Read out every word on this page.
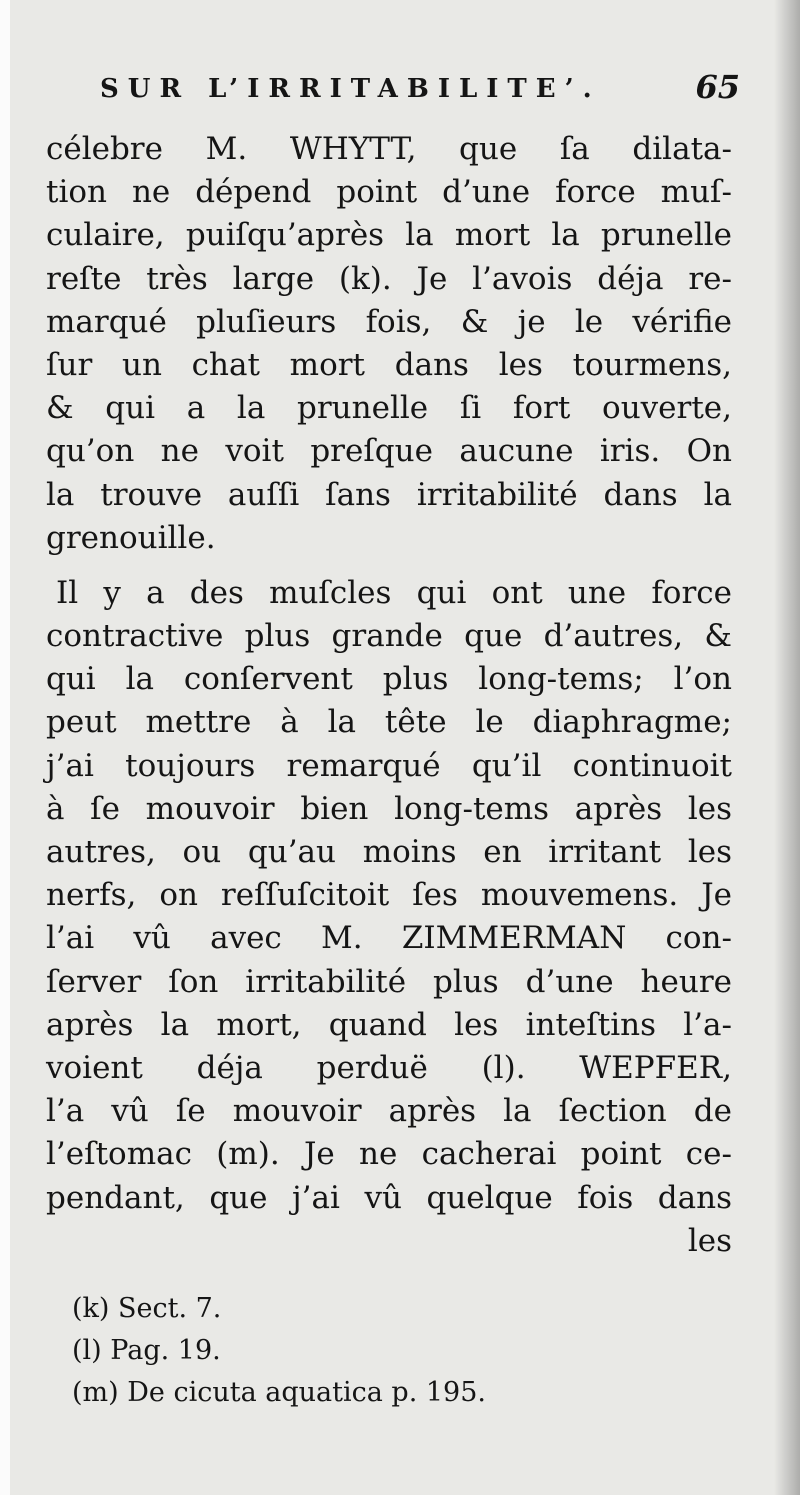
SUR L’IRRITABILITE’.	65
célebre M. WHYTT, que ſa dilata-
tion ne dépend point d’une force muſ-
culaire, puiſqu’après la mort la prunelle
reſte très large (k). Je l’avois déja re-
marqué pluſieurs fois, & je le vérifie
ſur un chat mort dans les tourmens,
& qui a la prunelle ſi fort ouverte,
qu’on ne voit preſque aucune iris. On
la trouve auſſi ſans irritabilité dans la
grenouille.
Il y a des muſcles qui ont une force
contractive plus grande que d’autres, &
qui la conſervent plus long-tems; l’on
peut mettre à la tête le diaphragme;
j’ai toujours remarqué qu’il continuoit
à ſe mouvoir bien long-tems après les
autres, ou qu’au moins en irritant les
nerfs, on reſſuſcitoit ſes mouvemens. Je
l’ai vû avec M. ZIMMERMAN con-
ſerver ſon irritabilité plus d’une heure
après la mort, quand les inteſtins l’a-
voient déja perduë (l). WEPFER,
l’a vû ſe mouvoir après la ſection de
l’eſtomac (m). Je ne cacherai point ce-
pendant, que j’ai vû quelque fois dans
les
(k) Sect. 7.
(l) Pag. 19.
(m) De cicuta aquatica p. 195.
